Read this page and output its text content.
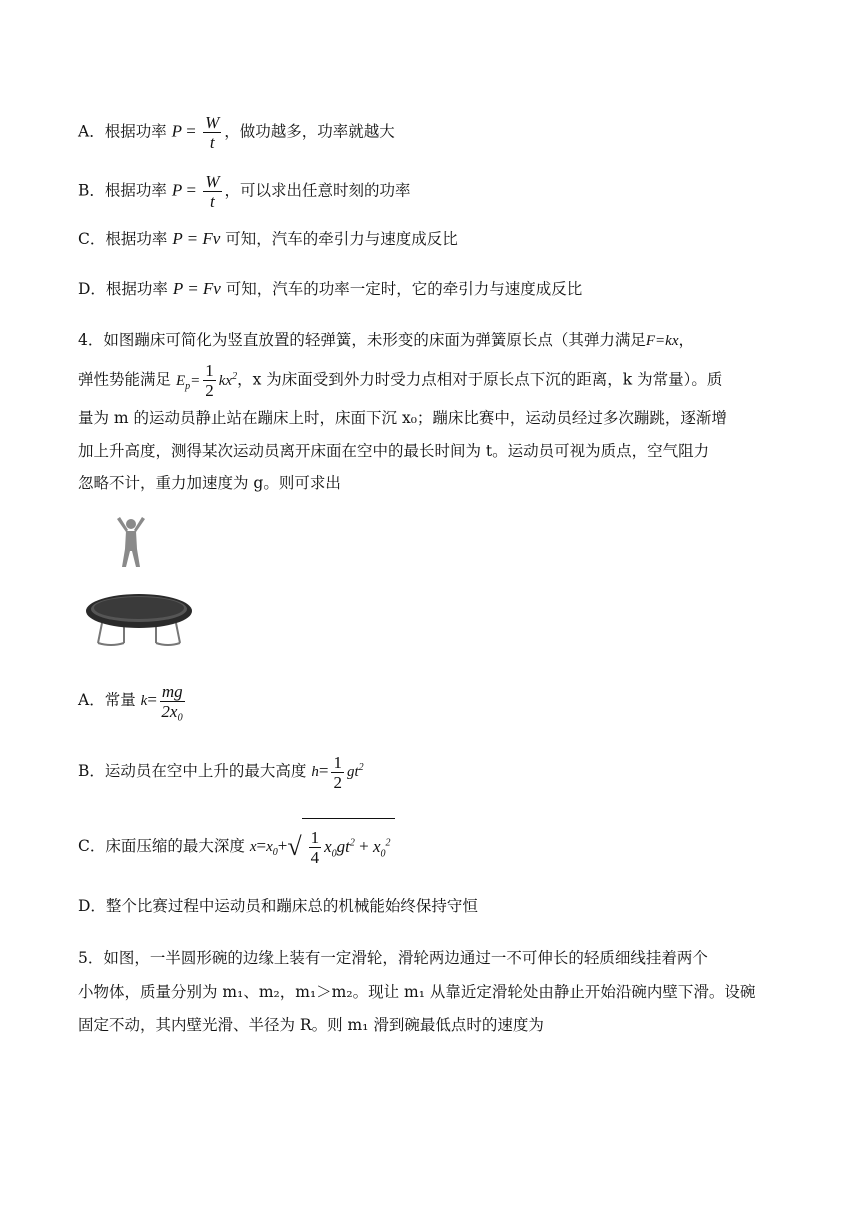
A．根据功率 $P = \frac{W}{t}$ ，做功越多，功率就越大
B．根据功率 $P = \frac{W}{t}$ ，可以求出任意时刻的功率
C．根据功率 P = Fv 可知，汽车的牵引力与速度成反比
D．根据功率 P = Fv 可知，汽车的功率一定时，它的牵引力与速度成反比
4．如图蹦床可简化为竖直放置的轻弹簧，未形变的床面为弹簧原长点（其弹力满足F=kx，
弹性势能满足 $E_p= \frac{1}{2} kx^2$，x 为床面受到外力时受力点相对于原长点下沉的距离，k 为常量）。质
量为 m 的运动员静止站在蹦床上时，床面下沉 x₀；蹦床比赛中，运动员经过多次蹦跳，逐渐增
加上升高度，测得某次运动员离开床面在空中的最长时间为 t。运动员可视为质点，空气阻力
忽略不计，重力加速度为 g。则可求出
A．常量 $k= \frac{mg}{\text{2x₀}}$
B．运动员在空中上升的最大高度 $h= \frac{1}{2} gt^2$
C．床面压缩的最大深度 $x=x_0+√ \frac{1}{4} x_0gt^2 + x_0^2$
D．整个比赛过程中运动员和蹦床总的机械能始终保持守恒
5．如图，一半圆形碗的边缘上装有一定滑轮，滑轮两边通过一不可伸长的轻质细线挂着两个
小物体，质量分别为 m₁、m₂，m₁＞m₂。现让 m₁ 从靠近定滑轮处由静止开始沿碗内壁下滑。设碗
固定不动，其内壁光滑、半径为 R。则 m₁ 滑到碗最低点时的速度为
